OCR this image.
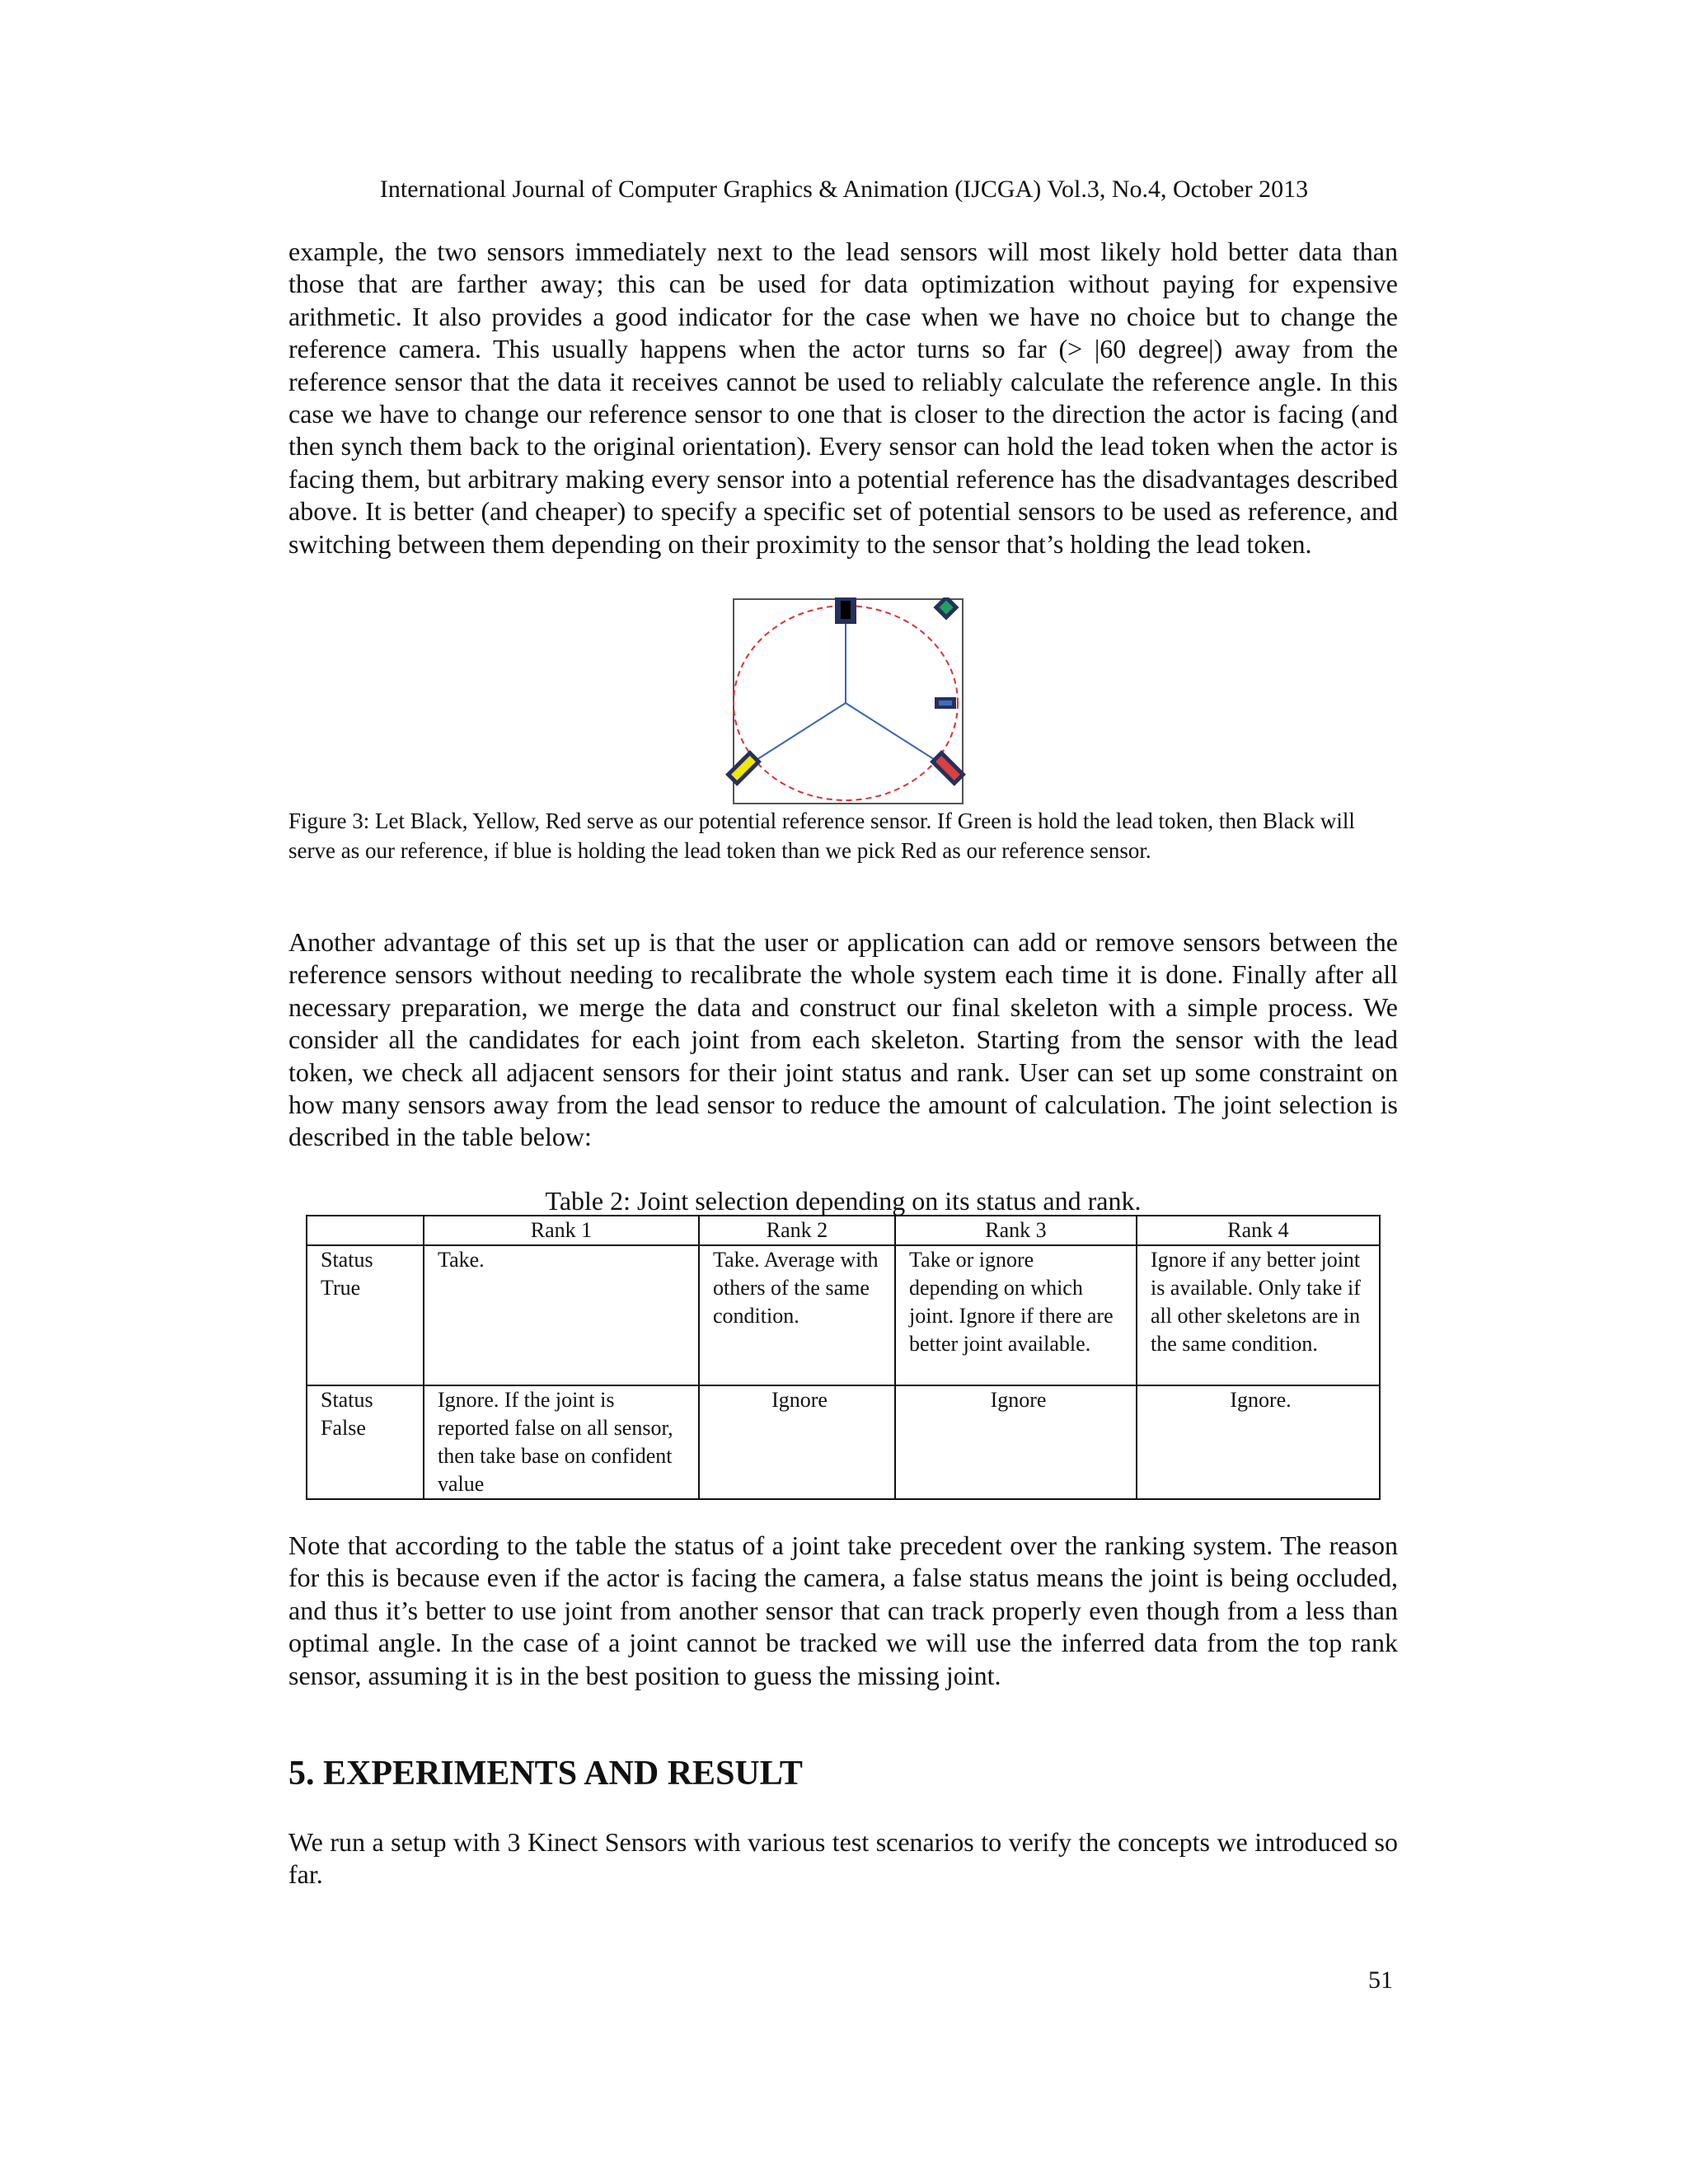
International Journal of Computer Graphics & Animation (IJCGA) Vol.3, No.4, October 2013

example, the two sensors immediately next to the lead sensors will most likely hold better data than those that are farther away; this can be used for data optimization without paying for expensive arithmetic. It also provides a good indicator for the case when we have no choice but to change the reference camera. This usually happens when the actor turns so far (> |60 degree|) away from the reference sensor that the data it receives cannot be used to reliably calculate the reference angle. In this case we have to change our reference sensor to one that is closer to the direction the actor is facing (and then synch them back to the original orientation). Every sensor can hold the lead token when the actor is facing them, but arbitrary making every sensor into a potential reference has the disadvantages described above. It is better (and cheaper) to specify a specific set of potential sensors to be used as reference, and switching between them depending on their proximity to the sensor that’s holding the lead token.

Figure 3: Let Black, Yellow, Red serve as our potential reference sensor. If Green is hold the lead token, then Black will serve as our reference, if blue is holding the lead token than we pick Red as our reference sensor.

Another advantage of this set up is that the user or application can add or remove sensors between the reference sensors without needing to recalibrate the whole system each time it is done. Finally after all necessary preparation, we merge the data and construct our final skeleton with a simple process. We consider all the candidates for each joint from each skeleton. Starting from the sensor with the lead token, we check all adjacent sensors for their joint status and rank. User can set up some constraint on how many sensors away from the lead sensor to reduce the amount of calculation. The joint selection is described in the table below:

Table 2: Joint selection depending on its status and rank.
	Rank 1	Rank 2	Rank 3	Rank 4
Status True	Take.	Take. Average with others of the same condition.	Take or ignore depending on which joint. Ignore if there are better joint available.	Ignore if any better joint is available. Only take if all other skeletons are in the same condition.
Status False	Ignore. If the joint is reported false on all sensor, then take base on confident value	Ignore	Ignore	Ignore.

Note that according to the table the status of a joint take precedent over the ranking system. The reason for this is because even if the actor is facing the camera, a false status means the joint is being occluded, and thus it’s better to use joint from another sensor that can track properly even though from a less than optimal angle. In the case of a joint cannot be tracked we will use the inferred data from the top rank sensor, assuming it is in the best position to guess the missing joint.

5. EXPERIMENTS AND RESULT

We run a setup with 3 Kinect Sensors with various test scenarios to verify the concepts we introduced so far.

51
